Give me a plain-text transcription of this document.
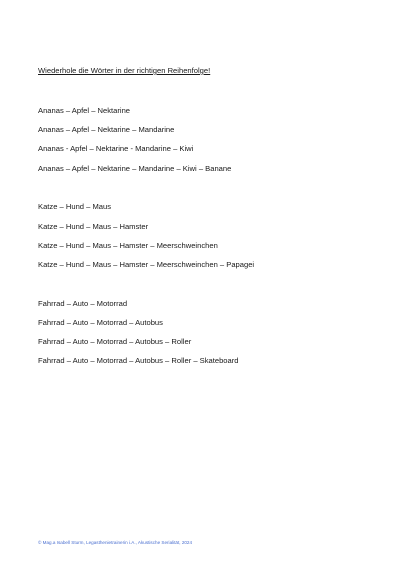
Wiederhole die Wörter in der richtigen Reihenfolge!
Ananas – Apfel – Nektarine
Ananas – Apfel – Nektarine – Mandarine
Ananas - Apfel – Nektarine - Mandarine – Kiwi
Ananas – Apfel – Nektarine – Mandarine – Kiwi – Banane
Katze – Hund – Maus
Katze – Hund – Maus – Hamster
Katze – Hund – Maus – Hamster – Meerschweinchen
Katze – Hund – Maus – Hamster – Meerschweinchen – Papagei
Fahrrad – Auto – Motorrad
Fahrrad – Auto – Motorrad – Autobus
Fahrrad – Auto – Motorrad – Autobus – Roller
Fahrrad – Auto – Motorrad – Autobus – Roller – Skateboard
© Mag.a Isabell Sturm, Legasthenietrainerin i.A., Akustische Serialität, 2024
